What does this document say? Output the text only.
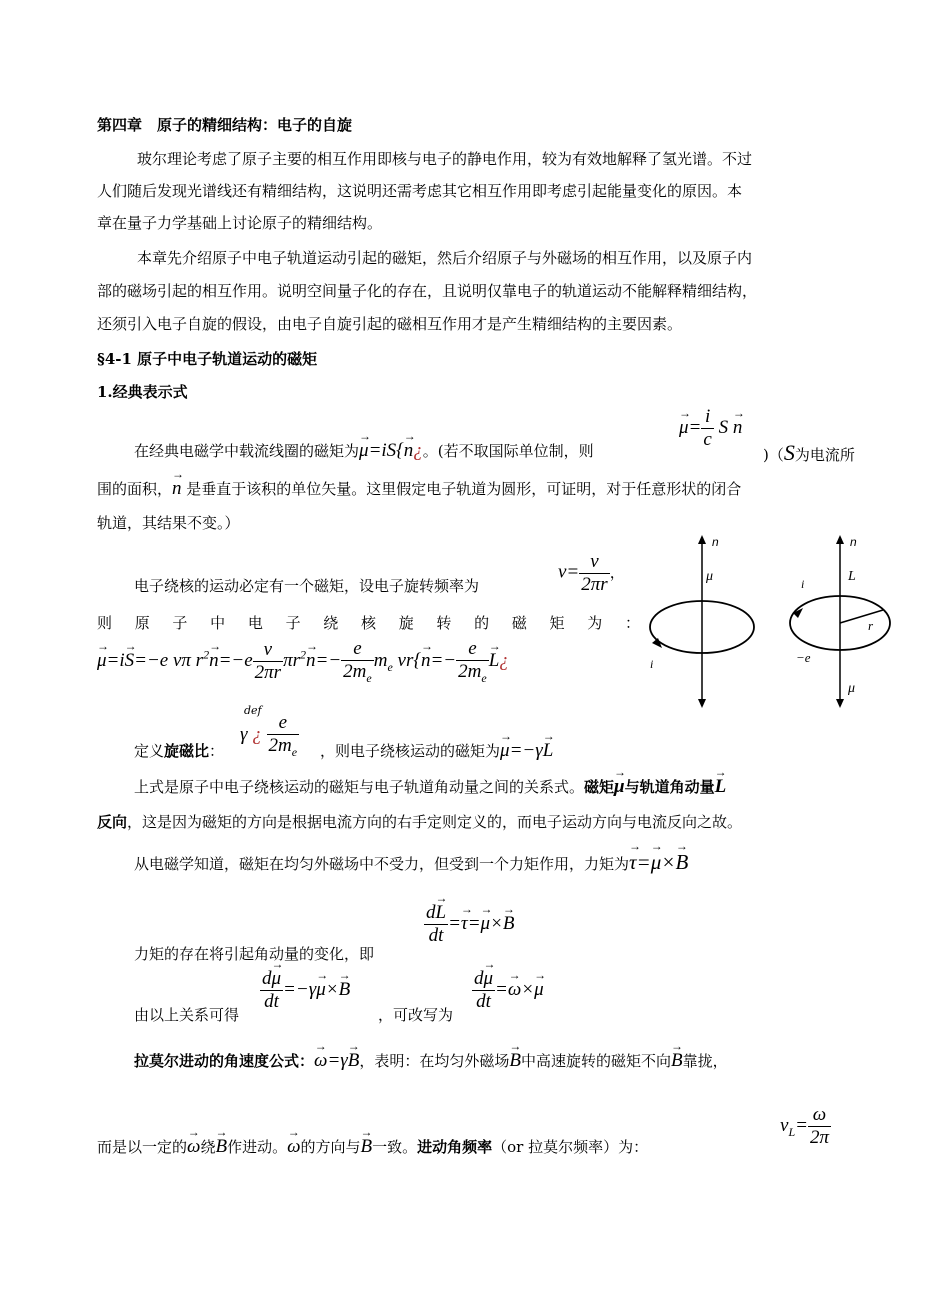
第四章　原子的精细结构：电子的自旋
玻尔理论考虑了原子主要的相互作用即核与电子的静电作用，较为有效地解释了氢光谱。不过
人们随后发现光谱线还有精细结构，这说明还需考虑其它相互作用即考虑引起能量变化的原因。本
章在量子力学基础上讨论原子的精细结构。
本章先介绍原子中电子轨道运动引起的磁矩，然后介绍原子与外磁场的相互作用，以及原子内
部的磁场引起的相互作用。说明空间量子化的存在，且说明仅靠电子的轨道运动不能解释精细结构，
还须引入电子自旋的假设，由电子自旋引起的磁相互作用才是产生精细结构的主要因素。
§4-1 原子中电子轨道运动的磁矩
1.经典表示式
在经典电磁学中载流线圈的磁矩为μ →=iS{n →¿。(若不取国际单位制，则
$\mu \to= \frac{i}{c}$ S n →
)（S为电流所
围的面积，n → 是垂直于该积的单位矢量。这里假定电子轨道为圆形，可证明，对于任意形状的闭合
轨道，其结果不变。）
电子绕核的运动必定有一个磁矩，设电子旋转频率为
$v= \frac{v}{2\pi r}$ ，
则原子中电子绕核旋转的磁矩为：
μ →=iS →=−e vπ $r^2n \to=-e \frac{v}{2\pi r} \pi r^2n$ →=− $\frac{e}{2m_e} m_e$ vr{n →=− $\frac{e}{2m_e}$ L →¿
n
μ
i
n
L
i
r
−e
μ
def
定义旋磁比：
γ ¿ $\frac{e}{2m_e}$ ，则电子绕核运动的磁矩为μ →=−γL →
上式是原子中电子绕核运动的磁矩与电子轨道角动量之间的关系式。磁矩μ →与轨道角动量L →
反向，这是因为磁矩的方向是根据电流方向的右手定则定义的，而电子运动方向与电流反向之故。
从电磁学知道，磁矩在均匀外磁场中不受力，但受到一个力矩作用，力矩为τ →=μ →×B →
力矩的存在将引起角动量的变化，即
$\frac{dL \to}{dt} =\tau \to=\mu \to\times B$ →
由以上关系可得
$\frac{d\mu \to}{dt} =-\gamma\mu \to\times B$ →
，可改写为
$\frac{d\mu \to}{dt} =\omega \to\times\mu$ →
拉莫尔进动的角速度公式：ω →=γB →，表明：在均匀外磁场B →中高速旋转的磁矩不向B →靠拢，
而是以一定的ω →绕B →作进动。ω →的方向与B →一致。进动角频率（or 拉莫尔频率）为：
$v_L= \frac{\omega}{2\pi}$
